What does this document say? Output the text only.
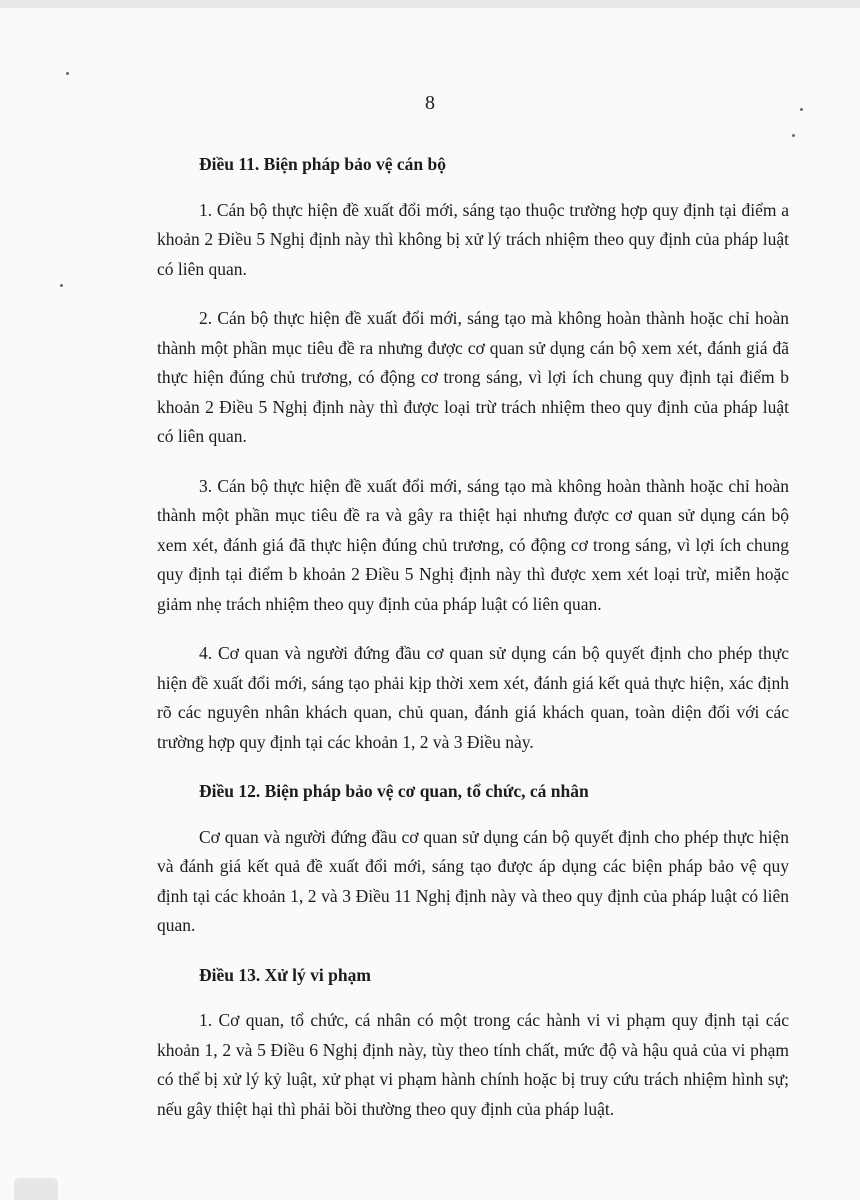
8
Điều 11. Biện pháp bảo vệ cán bộ

1. Cán bộ thực hiện đề xuất đổi mới, sáng tạo thuộc trường hợp quy định tại điểm a khoản 2 Điều 5 Nghị định này thì không bị xử lý trách nhiệm theo quy định của pháp luật có liên quan.

2. Cán bộ thực hiện đề xuất đổi mới, sáng tạo mà không hoàn thành hoặc chỉ hoàn thành một phần mục tiêu đề ra nhưng được cơ quan sử dụng cán bộ xem xét, đánh giá đã thực hiện đúng chủ trương, có động cơ trong sáng, vì lợi ích chung quy định tại điểm b khoản 2 Điều 5 Nghị định này thì được loại trừ trách nhiệm theo quy định của pháp luật có liên quan.

3. Cán bộ thực hiện đề xuất đổi mới, sáng tạo mà không hoàn thành hoặc chỉ hoàn thành một phần mục tiêu đề ra và gây ra thiệt hại nhưng được cơ quan sử dụng cán bộ xem xét, đánh giá đã thực hiện đúng chủ trương, có động cơ trong sáng, vì lợi ích chung quy định tại điểm b khoản 2 Điều 5 Nghị định này thì được xem xét loại trừ, miễn hoặc giảm nhẹ trách nhiệm theo quy định của pháp luật có liên quan.

4. Cơ quan và người đứng đầu cơ quan sử dụng cán bộ quyết định cho phép thực hiện đề xuất đổi mới, sáng tạo phải kịp thời xem xét, đánh giá kết quả thực hiện, xác định rõ các nguyên nhân khách quan, chủ quan, đánh giá khách quan, toàn diện đối với các trường hợp quy định tại các khoản 1, 2 và 3 Điều này.

Điều 12. Biện pháp bảo vệ cơ quan, tổ chức, cá nhân

Cơ quan và người đứng đầu cơ quan sử dụng cán bộ quyết định cho phép thực hiện và đánh giá kết quả đề xuất đổi mới, sáng tạo được áp dụng các biện pháp bảo vệ quy định tại các khoản 1, 2 và 3 Điều 11 Nghị định này và theo quy định của pháp luật có liên quan.

Điều 13. Xử lý vi phạm

1. Cơ quan, tổ chức, cá nhân có một trong các hành vi vi phạm quy định tại các khoản 1, 2 và 5 Điều 6 Nghị định này, tùy theo tính chất, mức độ và hậu quả của vi phạm có thể bị xử lý kỷ luật, xử phạt vi phạm hành chính hoặc bị truy cứu trách nhiệm hình sự; nếu gây thiệt hại thì phải bồi thường theo quy định của pháp luật.
